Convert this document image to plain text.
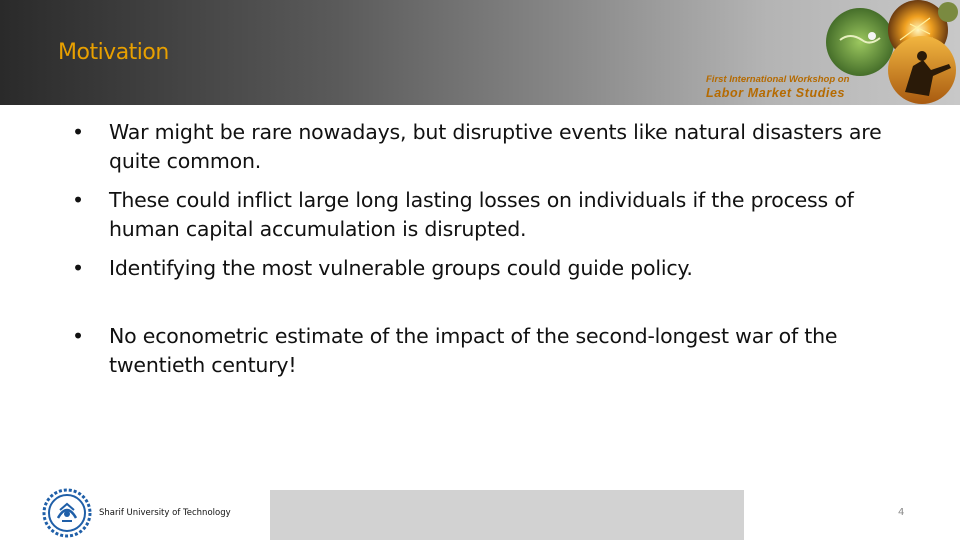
Motivation
First International Workshop on
Labor Market Studies
•	War might be rare nowadays, but disruptive events like natural disasters are quite common.
•	These could inflict large long lasting losses on individuals if the process of human capital accumulation is disrupted.
•	Identifying the most vulnerable groups could guide policy.
•	No econometric estimate of the impact of the second-longest war of the twentieth century!
Sharif University of Technology	4
